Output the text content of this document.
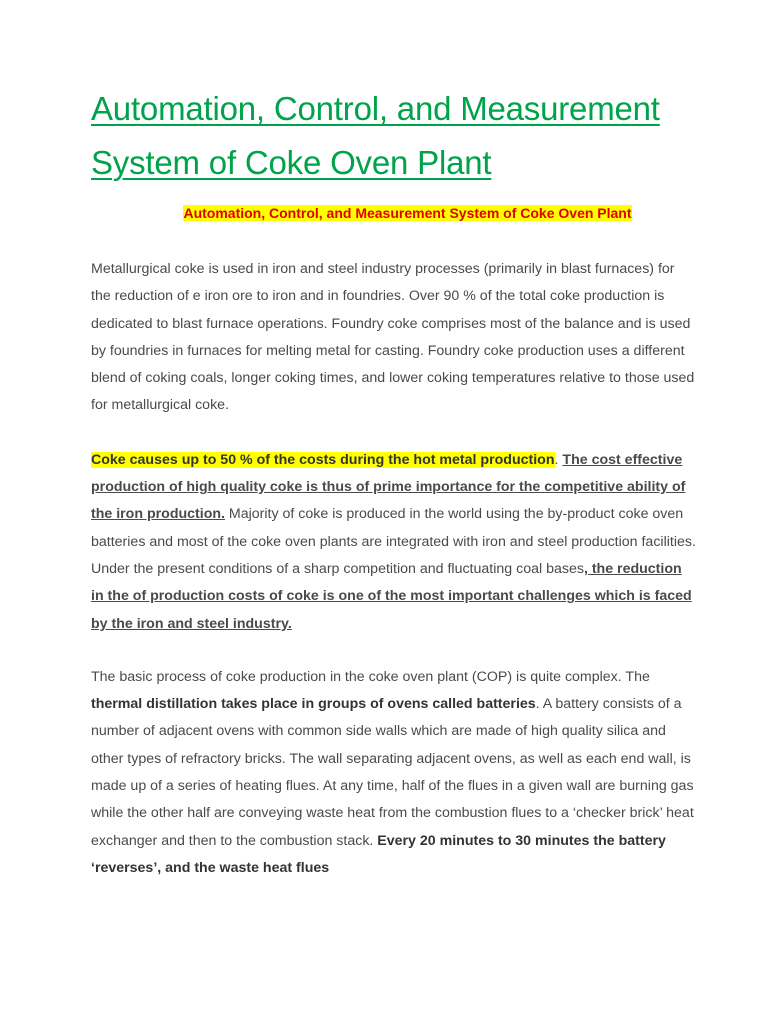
Automation, Control, and Measurement System of Coke Oven Plant
Automation, Control, and Measurement System of Coke Oven Plant

Metallurgical coke is used in iron and steel industry processes (primarily in blast furnaces) for the reduction of e iron ore to iron and in foundries. Over 90 % of the total coke production is dedicated to blast furnace operations. Foundry coke comprises most of the balance and is used by foundries in furnaces for melting metal for casting. Foundry coke production uses a different blend of coking coals, longer coking times, and lower coking temperatures relative to those used for metallurgical coke.

Coke causes up to 50 % of the costs during the hot metal production. The cost effective production of high quality coke is thus of prime importance for the competitive ability of the iron production. Majority of coke is produced in the world using the by-product coke oven batteries and most of the coke oven plants are integrated with iron and steel production facilities. Under the present conditions of a sharp competition and fluctuating coal bases, the reduction in the of production costs of coke is one of the most important challenges which is faced by the iron and steel industry.

The basic process of coke production in the coke oven plant (COP) is quite complex. The thermal distillation takes place in groups of ovens called batteries. A battery consists of a number of adjacent ovens with common side walls which are made of high quality silica and other types of refractory bricks. The wall separating adjacent ovens, as well as each end wall, is made up of a series of heating flues. At any time, half of the flues in a given wall are burning gas while the other half are conveying waste heat from the combustion flues to a ‘checker brick’ heat exchanger and then to the combustion stack. Every 20 minutes to 30 minutes the battery ‘reverses’, and the waste heat flues
